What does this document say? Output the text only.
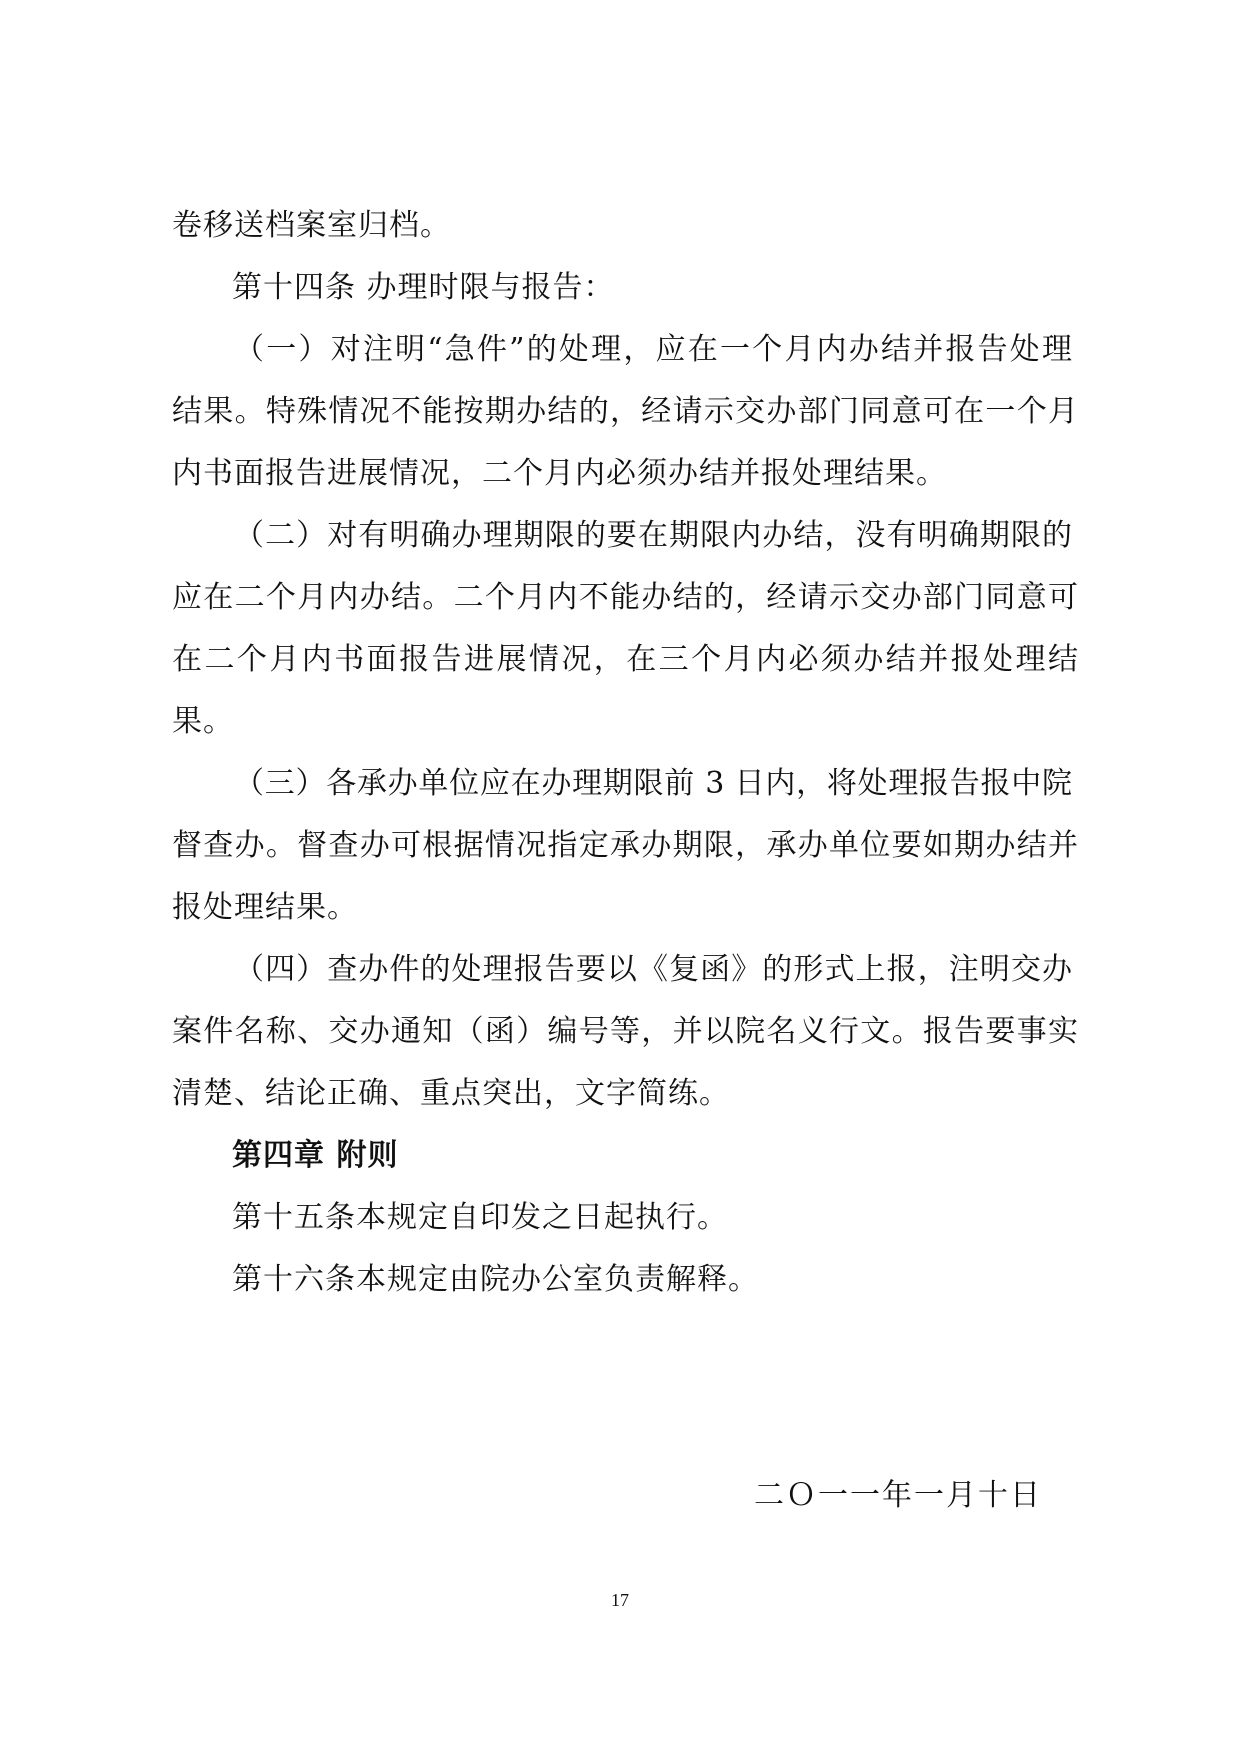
卷移送档案室归档。
第十四条 办理时限与报告：
（一）对注明“急件”的处理，应在一个月内办结并报告处理
结果。特殊情况不能按期办结的，经请示交办部门同意可在一个月
内书面报告进展情况，二个月内必须办结并报处理结果。
（二）对有明确办理期限的要在期限内办结，没有明确期限的
应在二个月内办结。二个月内不能办结的，经请示交办部门同意可
在二个月内书面报告进展情况，在三个月内必须办结并报处理结
果。
（三）各承办单位应在办理期限前 3 日内，将处理报告报中院
督查办。督查办可根据情况指定承办期限，承办单位要如期办结并
报处理结果。
（四）查办件的处理报告要以《复函》的形式上报，注明交办
案件名称、交办通知（函）编号等，并以院名义行文。报告要事实
清楚、结论正确、重点突出，文字简练。
第四章 附则
第十五条本规定自印发之日起执行。
第十六条本规定由院办公室负责解释。
二Ｏ一一年一月十日
17
